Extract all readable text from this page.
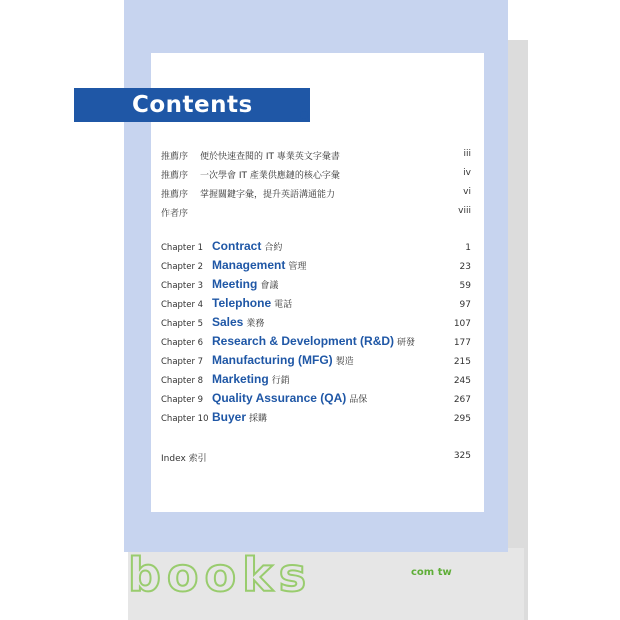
Contents
推薦序 便於快速查閱的 IT 專業英文字彙書	iii
推薦序 一次學會 IT 產業供應鏈的核心字彙	iv
推薦序 掌握關鍵字彙，提升英語溝通能力	vi
作者序	viii
Chapter 1 Contract 合約	1
Chapter 2 Management 管理	23
Chapter 3 Meeting 會議	59
Chapter 4 Telephone 電話	97
Chapter 5 Sales 業務	107
Chapter 6 Research & Development (R&D) 研發	177
Chapter 7 Manufacturing (MFG) 製造	215
Chapter 8 Marketing 行銷	245
Chapter 9 Quality Assurance (QA) 品保	267
Chapter 10 Buyer 採購	295
Index 索引	325
books	com tw
